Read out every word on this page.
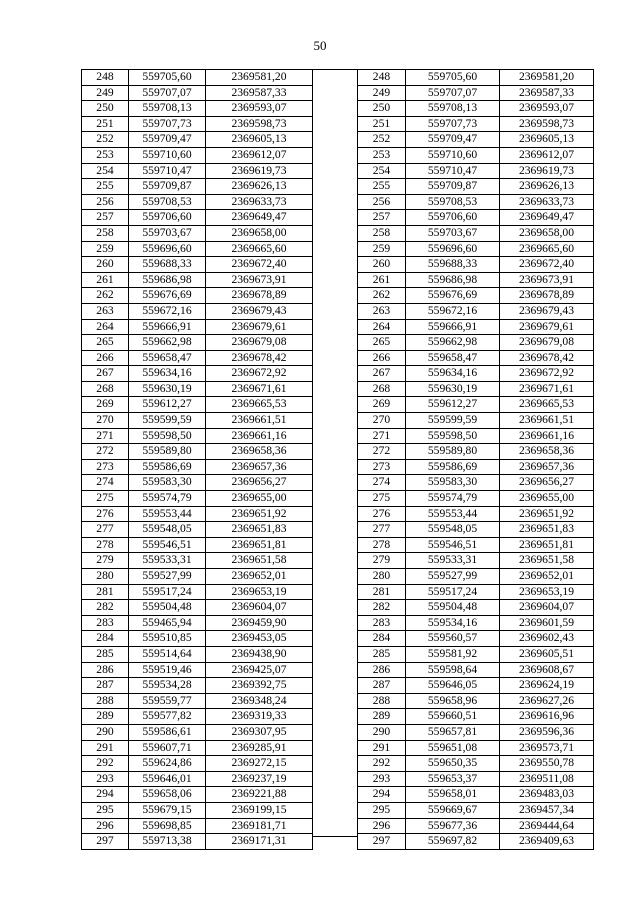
50
248	559705,60	2369581,20
249	559707,07	2369587,33
250	559708,13	2369593,07
251	559707,73	2369598,73
252	559709,47	2369605,13
253	559710,60	2369612,07
254	559710,47	2369619,73
255	559709,87	2369626,13
256	559708,53	2369633,73
257	559706,60	2369649,47
258	559703,67	2369658,00
259	559696,60	2369665,60
260	559688,33	2369672,40
261	559686,98	2369673,91
262	559676,69	2369678,89
263	559672,16	2369679,43
264	559666,91	2369679,61
265	559662,98	2369679,08
266	559658,47	2369678,42
267	559634,16	2369672,92
268	559630,19	2369671,61
269	559612,27	2369665,53
270	559599,59	2369661,51
271	559598,50	2369661,16
272	559589,80	2369658,36
273	559586,69	2369657,36
274	559583,30	2369656,27
275	559574,79	2369655,00
276	559553,44	2369651,92
277	559548,05	2369651,83
278	559546,51	2369651,81
279	559533,31	2369651,58
280	559527,99	2369652,01
281	559517,24	2369653,19
282	559504,48	2369604,07
283	559465,94	2369459,90
284	559510,85	2369453,05
285	559514,64	2369438,90
286	559519,46	2369425,07
287	559534,28	2369392,75
288	559559,77	2369348,24
289	559577,82	2369319,33
290	559586,61	2369307,95
291	559607,71	2369285,91
292	559624,86	2369272,15
293	559646,01	2369237,19
294	559658,06	2369221,88
295	559679,15	2369199,15
296	559698,85	2369181,71
297	559713,38	2369171,31
248	559705,60	2369581,20
249	559707,07	2369587,33
250	559708,13	2369593,07
251	559707,73	2369598,73
252	559709,47	2369605,13
253	559710,60	2369612,07
254	559710,47	2369619,73
255	559709,87	2369626,13
256	559708,53	2369633,73
257	559706,60	2369649,47
258	559703,67	2369658,00
259	559696,60	2369665,60
260	559688,33	2369672,40
261	559686,98	2369673,91
262	559676,69	2369678,89
263	559672,16	2369679,43
264	559666,91	2369679,61
265	559662,98	2369679,08
266	559658,47	2369678,42
267	559634,16	2369672,92
268	559630,19	2369671,61
269	559612,27	2369665,53
270	559599,59	2369661,51
271	559598,50	2369661,16
272	559589,80	2369658,36
273	559586,69	2369657,36
274	559583,30	2369656,27
275	559574,79	2369655,00
276	559553,44	2369651,92
277	559548,05	2369651,83
278	559546,51	2369651,81
279	559533,31	2369651,58
280	559527,99	2369652,01
281	559517,24	2369653,19
282	559504,48	2369604,07
283	559534,16	2369601,59
284	559560,57	2369602,43
285	559581,92	2369605,51
286	559598,64	2369608,67
287	559646,05	2369624,19
288	559658,96	2369627,26
289	559660,51	2369616,96
290	559657,81	2369596,36
291	559651,08	2369573,71
292	559650,35	2369550,78
293	559653,37	2369511,08
294	559658,01	2369483,03
295	559669,67	2369457,34
296	559677,36	2369444,64
297	559697,82	2369409,63
